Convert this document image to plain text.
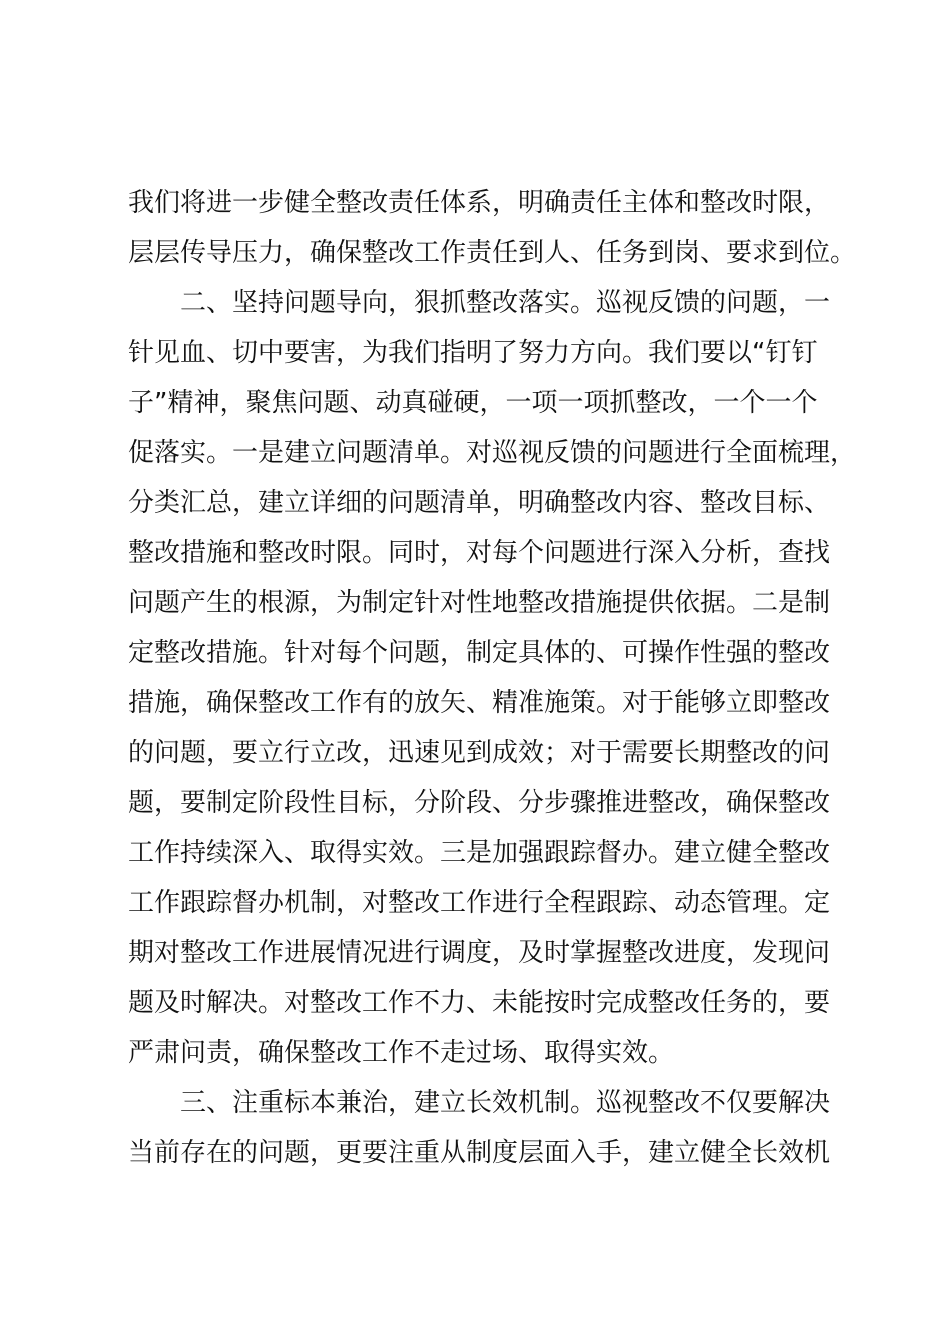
我们将进一步健全整改责任体系，明确责任主体和整改时限，
层层传导压力，确保整改工作责任到人、任务到岗、要求到位。
二、坚持问题导向，狠抓整改落实。巡视反馈的问题，一
针见血、切中要害，为我们指明了努力方向。我们要以“钉钉
子”精神，聚焦问题、动真碰硬，一项一项抓整改，一个一个
促落实。一是建立问题清单。对巡视反馈的问题进行全面梳理，
分类汇总，建立详细的问题清单，明确整改内容、整改目标、
整改措施和整改时限。同时，对每个问题进行深入分析，查找
问题产生的根源，为制定针对性地整改措施提供依据。二是制
定整改措施。针对每个问题，制定具体的、可操作性强的整改
措施，确保整改工作有的放矢、精准施策。对于能够立即整改
的问题，要立行立改，迅速见到成效；对于需要长期整改的问
题，要制定阶段性目标，分阶段、分步骤推进整改，确保整改
工作持续深入、取得实效。三是加强跟踪督办。建立健全整改
工作跟踪督办机制，对整改工作进行全程跟踪、动态管理。定
期对整改工作进展情况进行调度，及时掌握整改进度，发现问
题及时解决。对整改工作不力、未能按时完成整改任务的，要
严肃问责，确保整改工作不走过场、取得实效。
三、注重标本兼治，建立长效机制。巡视整改不仅要解决
当前存在的问题，更要注重从制度层面入手，建立健全长效机
